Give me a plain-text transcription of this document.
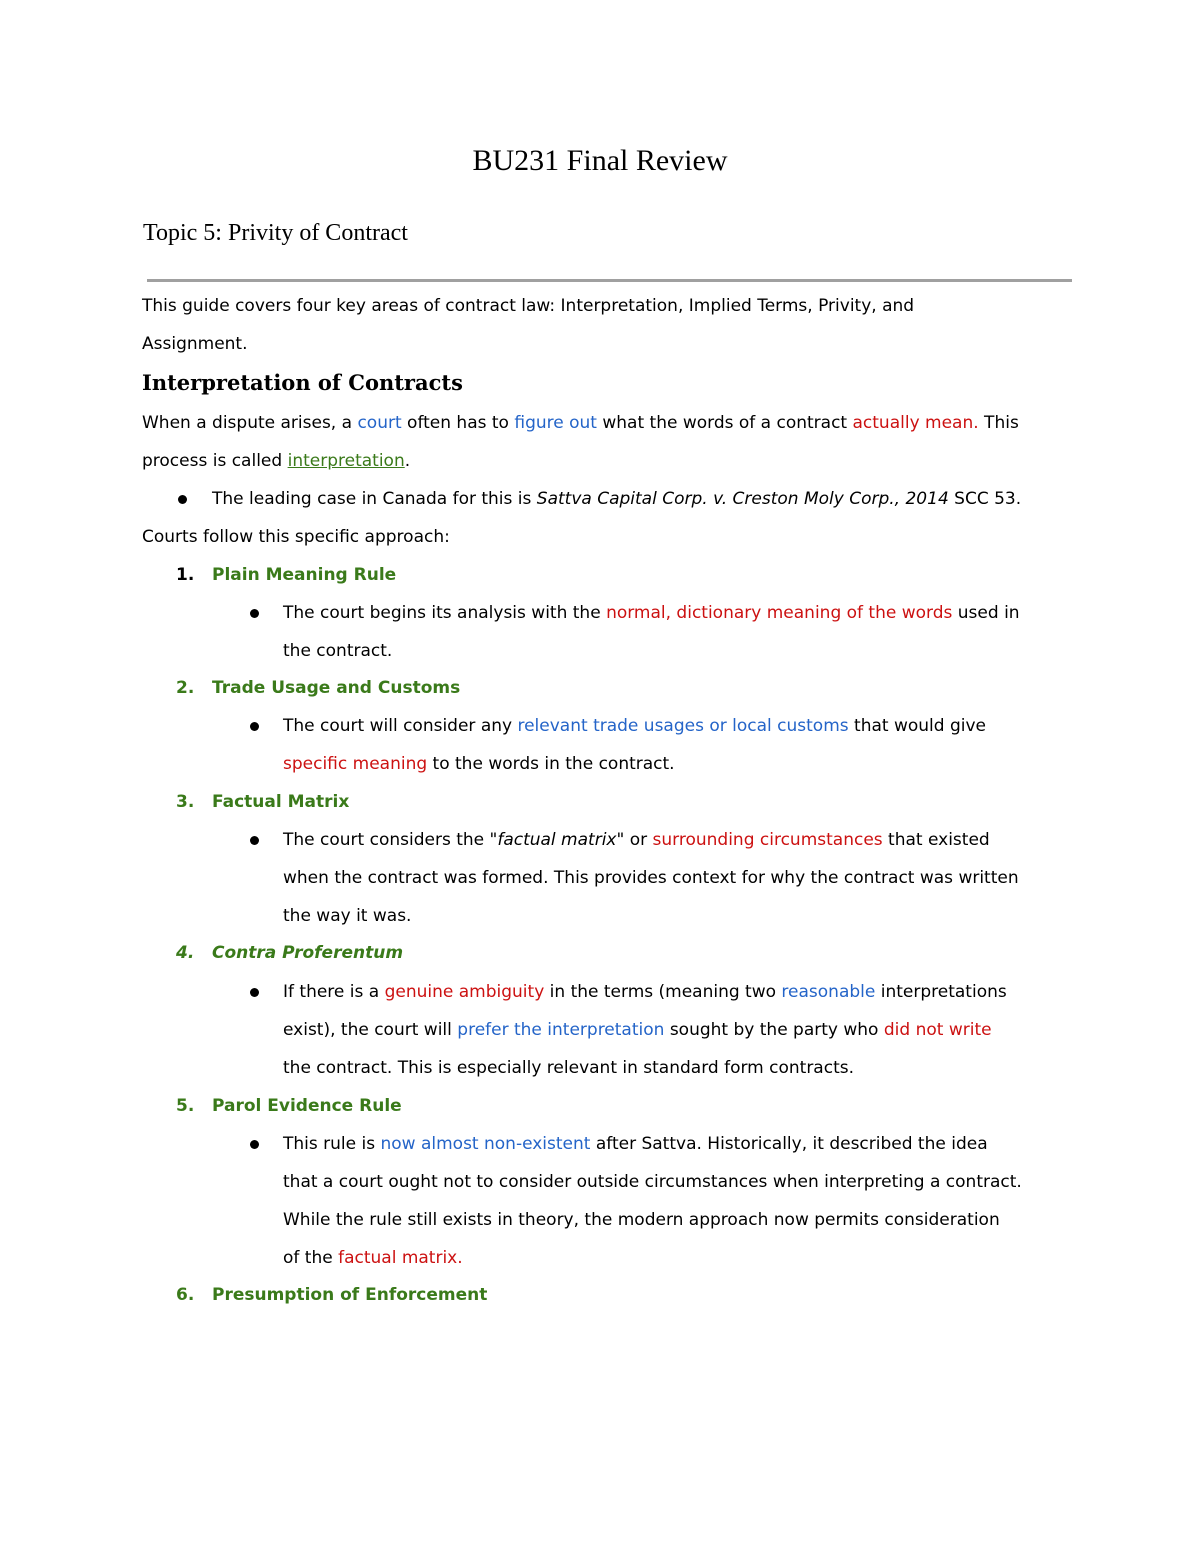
BU231 Final Review
Topic 5: Privity of Contract
This guide covers four key areas of contract law: Interpretation, Implied Terms, Privity, and
Assignment.
Interpretation of Contracts
When a dispute arises, a court often has to figure out what the words of a contract actually mean. This
process is called interpretation.
The leading case in Canada for this is Sattva Capital Corp. v. Creston Moly Corp., 2014 SCC 53.
Courts follow this specific approach:
1. Plain Meaning Rule
The court begins its analysis with the normal, dictionary meaning of the words used in
the contract.
2. Trade Usage and Customs
The court will consider any relevant trade usages or local customs that would give
specific meaning to the words in the contract.
3. Factual Matrix
The court considers the "factual matrix" or surrounding circumstances that existed
when the contract was formed. This provides context for why the contract was written
the way it was.
4. Contra Proferentum
If there is a genuine ambiguity in the terms (meaning two reasonable interpretations
exist), the court will prefer the interpretation sought by the party who did not write
the contract. This is especially relevant in standard form contracts.
5. Parol Evidence Rule
This rule is now almost non-existent after Sattva. Historically, it described the idea
that a court ought not to consider outside circumstances when interpreting a contract.
While the rule still exists in theory, the modern approach now permits consideration
of the factual matrix.
6. Presumption of Enforcement
